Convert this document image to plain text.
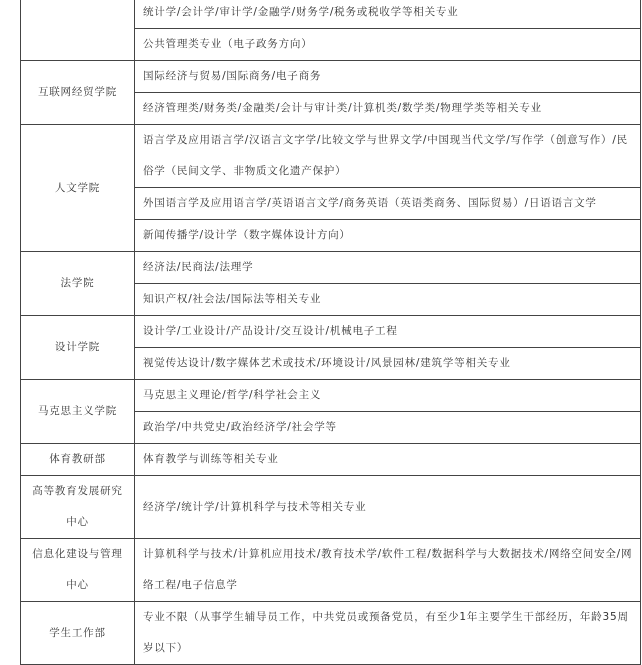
	统计学/会计学/审计学/金融学/财务学/税务或税收学等相关专业
	公共管理类专业（电子政务方向）
互联网经贸学院	国际经济与贸易/国际商务/电子商务
	经济管理类/财务类/金融类/会计与审计类/计算机类/数学类/物理学类等相关专业
人文学院	语言学及应用语言学/汉语言文字学/比较文学与世界文学/中国现当代文学/写作学（创意写作）/民俗学（民间文学、非物质文化遗产保护）
	外国语言学及应用语言学/英语语言文学/商务英语（英语类商务、国际贸易）/日语语言文学
	新闻传播学/设计学（数字媒体设计方向）
法学院	经济法/民商法/法理学
	知识产权/社会法/国际法等相关专业
设计学院	设计学/工业设计/产品设计/交互设计/机械电子工程
	视觉传达设计/数字媒体艺术或技术/环境设计/风景园林/建筑学等相关专业
马克思主义学院	马克思主义理论/哲学/科学社会主义
	政治学/中共党史/政治经济学/社会学等
体育教研部	体育教学与训练等相关专业
高等教育发展研究中心	经济学/统计学/计算机科学与技术等相关专业
信息化建设与管理中心	计算机科学与技术/计算机应用技术/教育技术学/软件工程/数据科学与大数据技术/网络空间安全/网络工程/电子信息学
学生工作部	专业不限（从事学生辅导员工作，中共党员或预备党员，有至少1年主要学生干部经历，年龄35周岁以下）
